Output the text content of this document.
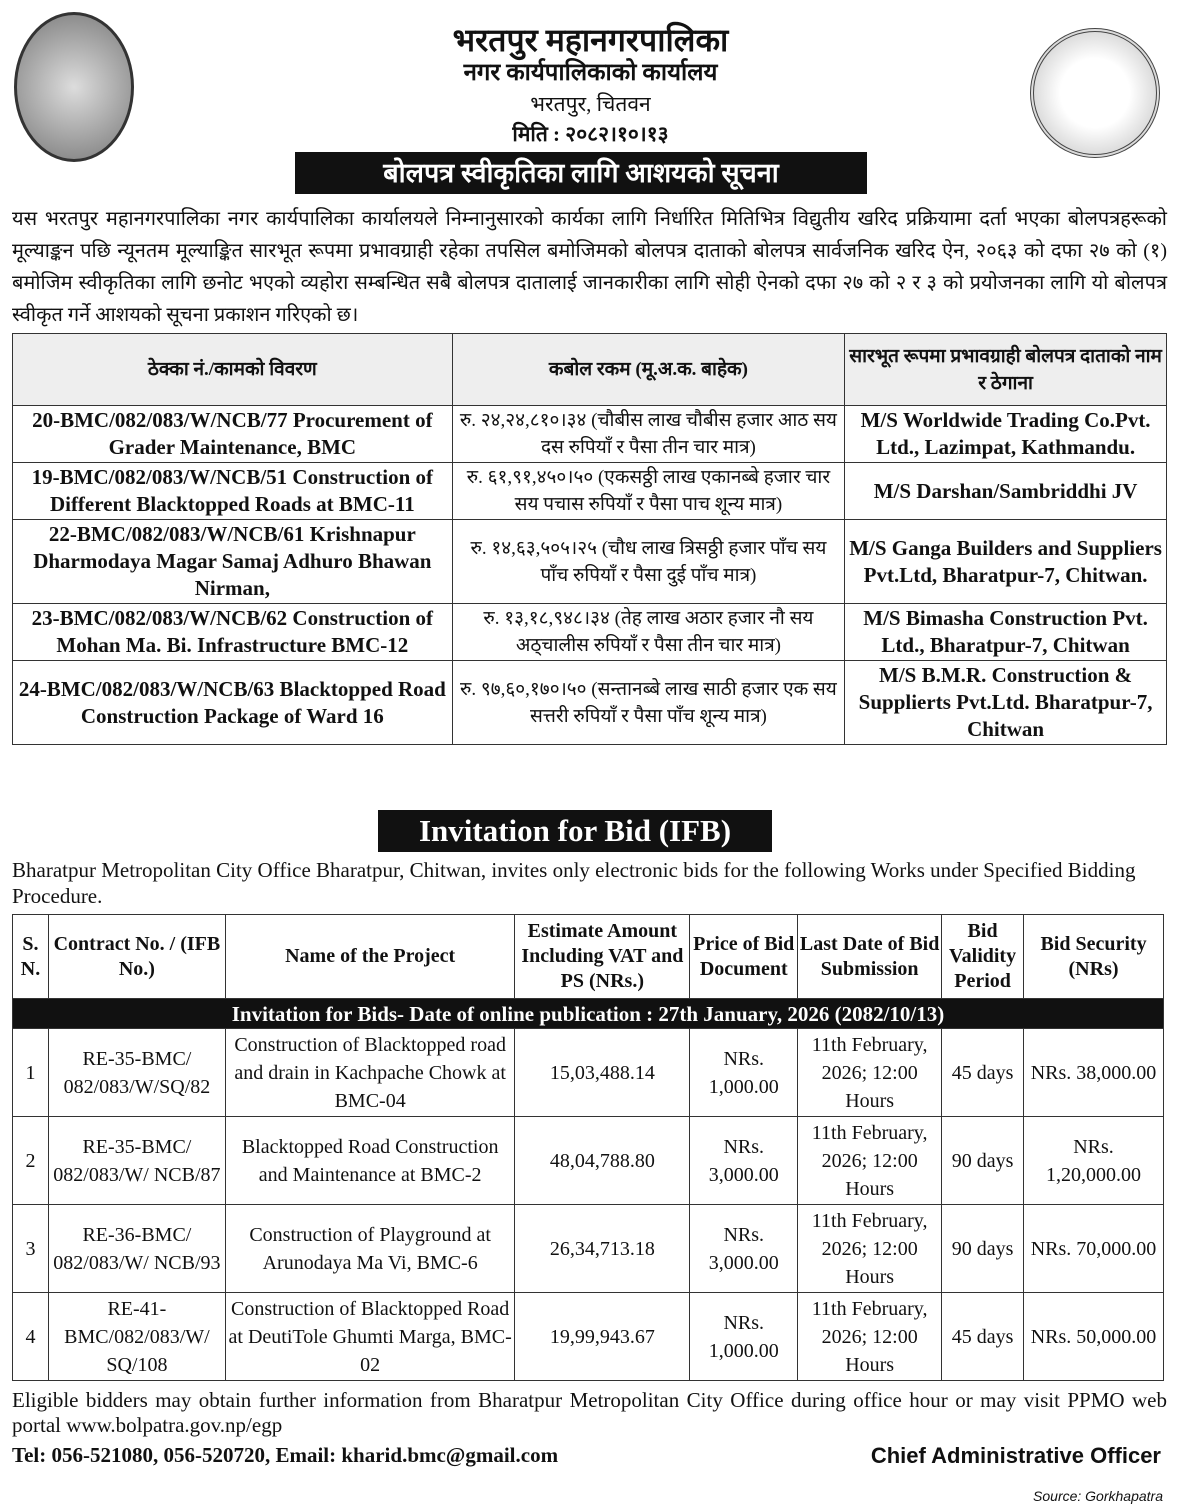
भरतपुर महानगरपालिका
नगर कार्यपालिकाको कार्यालय
भरतपुर, चितवन
मिति : २०८२।१०।१३
बोलपत्र स्वीकृतिका लागि आशयको सूचना
यस भरतपुर महानगरपालिका नगर कार्यपालिका कार्यालयले निम्नानुसारको कार्यका लागि निर्धारित मितिभित्र विद्युतीय खरिद प्रक्रियामा दर्ता भएका बोलपत्रहरूको मूल्याङ्कन पछि न्यूनतम मूल्याङ्कित सारभूत रूपमा प्रभावग्राही रहेका तपसिल बमोजिमको बोलपत्र दाताको बोलपत्र सार्वजनिक खरिद ऐन, २०६३ को दफा २७ को (१) बमोजिम स्वीकृतिका लागि छनोट भएको व्यहोरा सम्बन्धित सबै बोलपत्र दातालाई जानकारीका लागि सोही ऐनको दफा २७ को २ र ३ को प्रयोजनका लागि यो बोलपत्र स्वीकृत गर्ने आशयको सूचना प्रकाशन गरिएको छ।
ठेक्का नं./कामको विवरण	कबोल रकम (मू.अ.क. बाहेक)	सारभूत रूपमा प्रभावग्राही बोलपत्र दाताको नाम र ठेगाना
20-BMC/082/083/W/NCB/77 Procurement of Grader Maintenance, BMC	रु. २४,२४,८१०।३४ (चौबीस लाख चौबीस हजार आठ सय दस रुपियाँ र पैसा तीन चार मात्र)	M/S Worldwide Trading Co.Pvt. Ltd., Lazimpat, Kathmandu.
19-BMC/082/083/W/NCB/51 Construction of Different Blacktopped Roads at BMC-11	रु. ६१,९१,४५०।५० (एकसठ्ठी लाख एकानब्बे हजार चार सय पचास रुपियाँ र पैसा पाच शून्य मात्र)	M/S Darshan/Sambriddhi JV
22-BMC/082/083/W/NCB/61 Krishnapur Dharmodaya Magar Samaj Adhuro Bhawan Nirman,	रु. १४,६३,५०५।२५ (चौध लाख त्रिसठ्ठी हजार पाँच सय पाँच रुपियाँ र पैसा दुई पाँच मात्र)	M/S Ganga Builders and Suppliers Pvt.Ltd, Bharatpur-7, Chitwan.
23-BMC/082/083/W/NCB/62 Construction of Mohan Ma. Bi. Infrastructure BMC-12	रु. १३,१८,९४८।३४ (तेह लाख अठार हजार नौ सय अठ्चालीस रुपियाँ र पैसा तीन चार मात्र)	M/S Bimasha Construction Pvt. Ltd., Bharatpur-7, Chitwan
24-BMC/082/083/W/NCB/63 Blacktopped Road Construction Package of Ward 16	रु. ९७,६०,१७०।५० (सन्तानब्बे लाख साठी हजार एक सय सत्तरी रुपियाँ र पैसा पाँच शून्य मात्र)	M/S B.M.R. Construction & Supplierts Pvt.Ltd. Bharatpur-7, Chitwan
Invitation for Bid (IFB)
Bharatpur Metropolitan City Office Bharatpur, Chitwan, invites only electronic bids for the following Works under Specified Bidding Procedure.
S. N.	Contract No. / (IFB No.)	Name of the Project	Estimate Amount Including VAT and PS (NRs.)	Price of Bid Document	Last Date of Bid Submission	Bid Validity Period	Bid Security (NRs)
Invitation for Bids- Date of online publication : 27th January, 2026 (2082/10/13)							
1	RE-35-BMC/ 082/083/W/SQ/82	Construction of Blacktopped road and drain in Kachpache Chowk at BMC-04	15,03,488.14	NRs. 1,000.00	11th February, 2026; 12:00 Hours	45 days	NRs. 38,000.00
2	RE-35-BMC/ 082/083/W/ NCB/87	Blacktopped Road Construction and Maintenance at BMC-2	48,04,788.80	NRs. 3,000.00	11th February, 2026; 12:00 Hours	90 days	NRs. 1,20,000.00
3	RE-36-BMC/ 082/083/W/ NCB/93	Construction of Playground at Arunodaya Ma Vi, BMC-6	26,34,713.18	NRs. 3,000.00	11th February, 2026; 12:00 Hours	90 days	NRs. 70,000.00
4	RE-41- BMC/082/083/W/ SQ/108	Construction of Blacktopped Road at DeutiTole Ghumti Marga, BMC-02	19,99,943.67	NRs. 1,000.00	11th February, 2026; 12:00 Hours	45 days	NRs. 50,000.00
Eligible bidders may obtain further information from Bharatpur Metropolitan City Office during office hour or may visit PPMO web portal www.bolpatra.gov.np/egp
Tel: 056-521080, 056-520720, Email: kharid.bmc@gmail.com	Chief Administrative Officer
Source: Gorkhapatra
